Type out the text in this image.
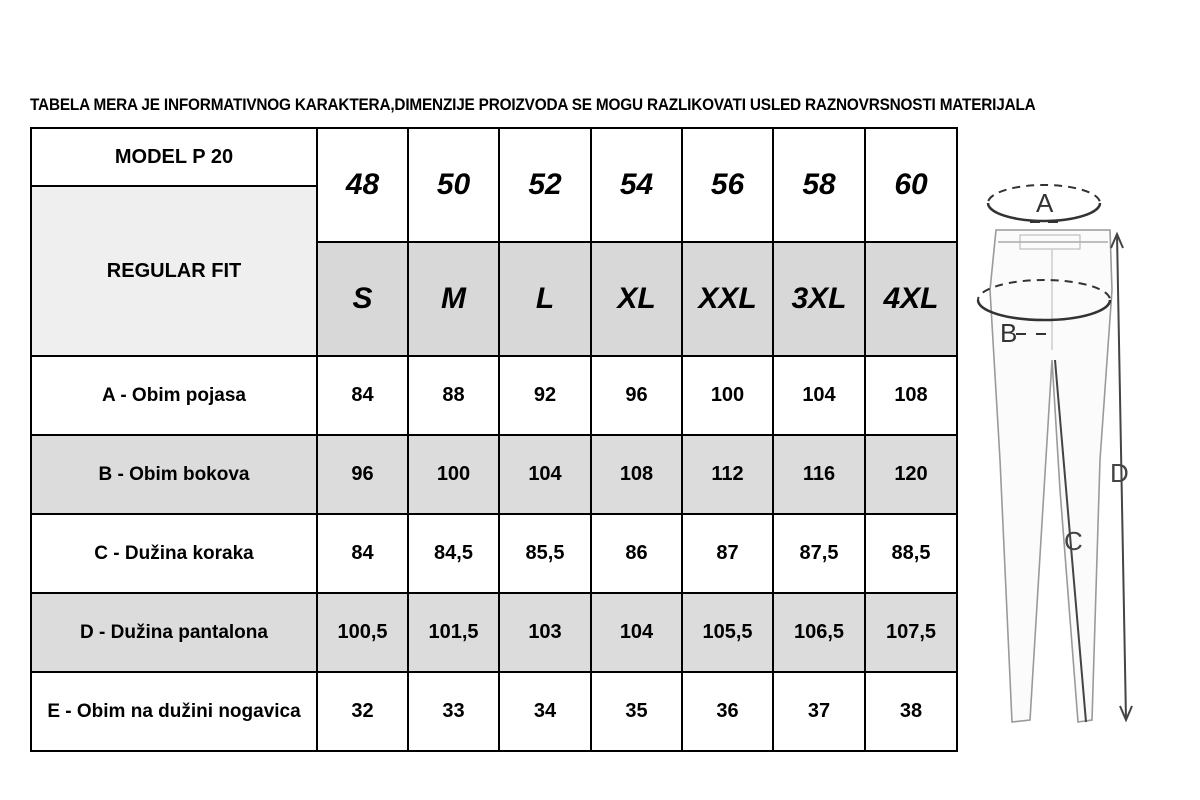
TABELA MERA JE INFORMATIVNOG KARAKTERA,DIMENZIJE PROIZVODA SE MOGU RAZLIKOVATI USLED RAZNOVRSNOSTI MATERIJALA
MODEL P 20	48	50	52	54	56	58	60
REGULAR FIT							
	S	M	L	XL	XXL	3XL	4XL
A - Obim pojasa	84	88	92	96	100	104	108
B - Obim bokova	96	100	104	108	112	116	120
C - Dužina koraka	84	84,5	85,5	86	87	87,5	88,5
D - Dužina pantalona	100,5	101,5	103	104	105,5	106,5	107,5
E - Obim na dužini nogavica	32	33	34	35	36	37	38
A
B
C
D
